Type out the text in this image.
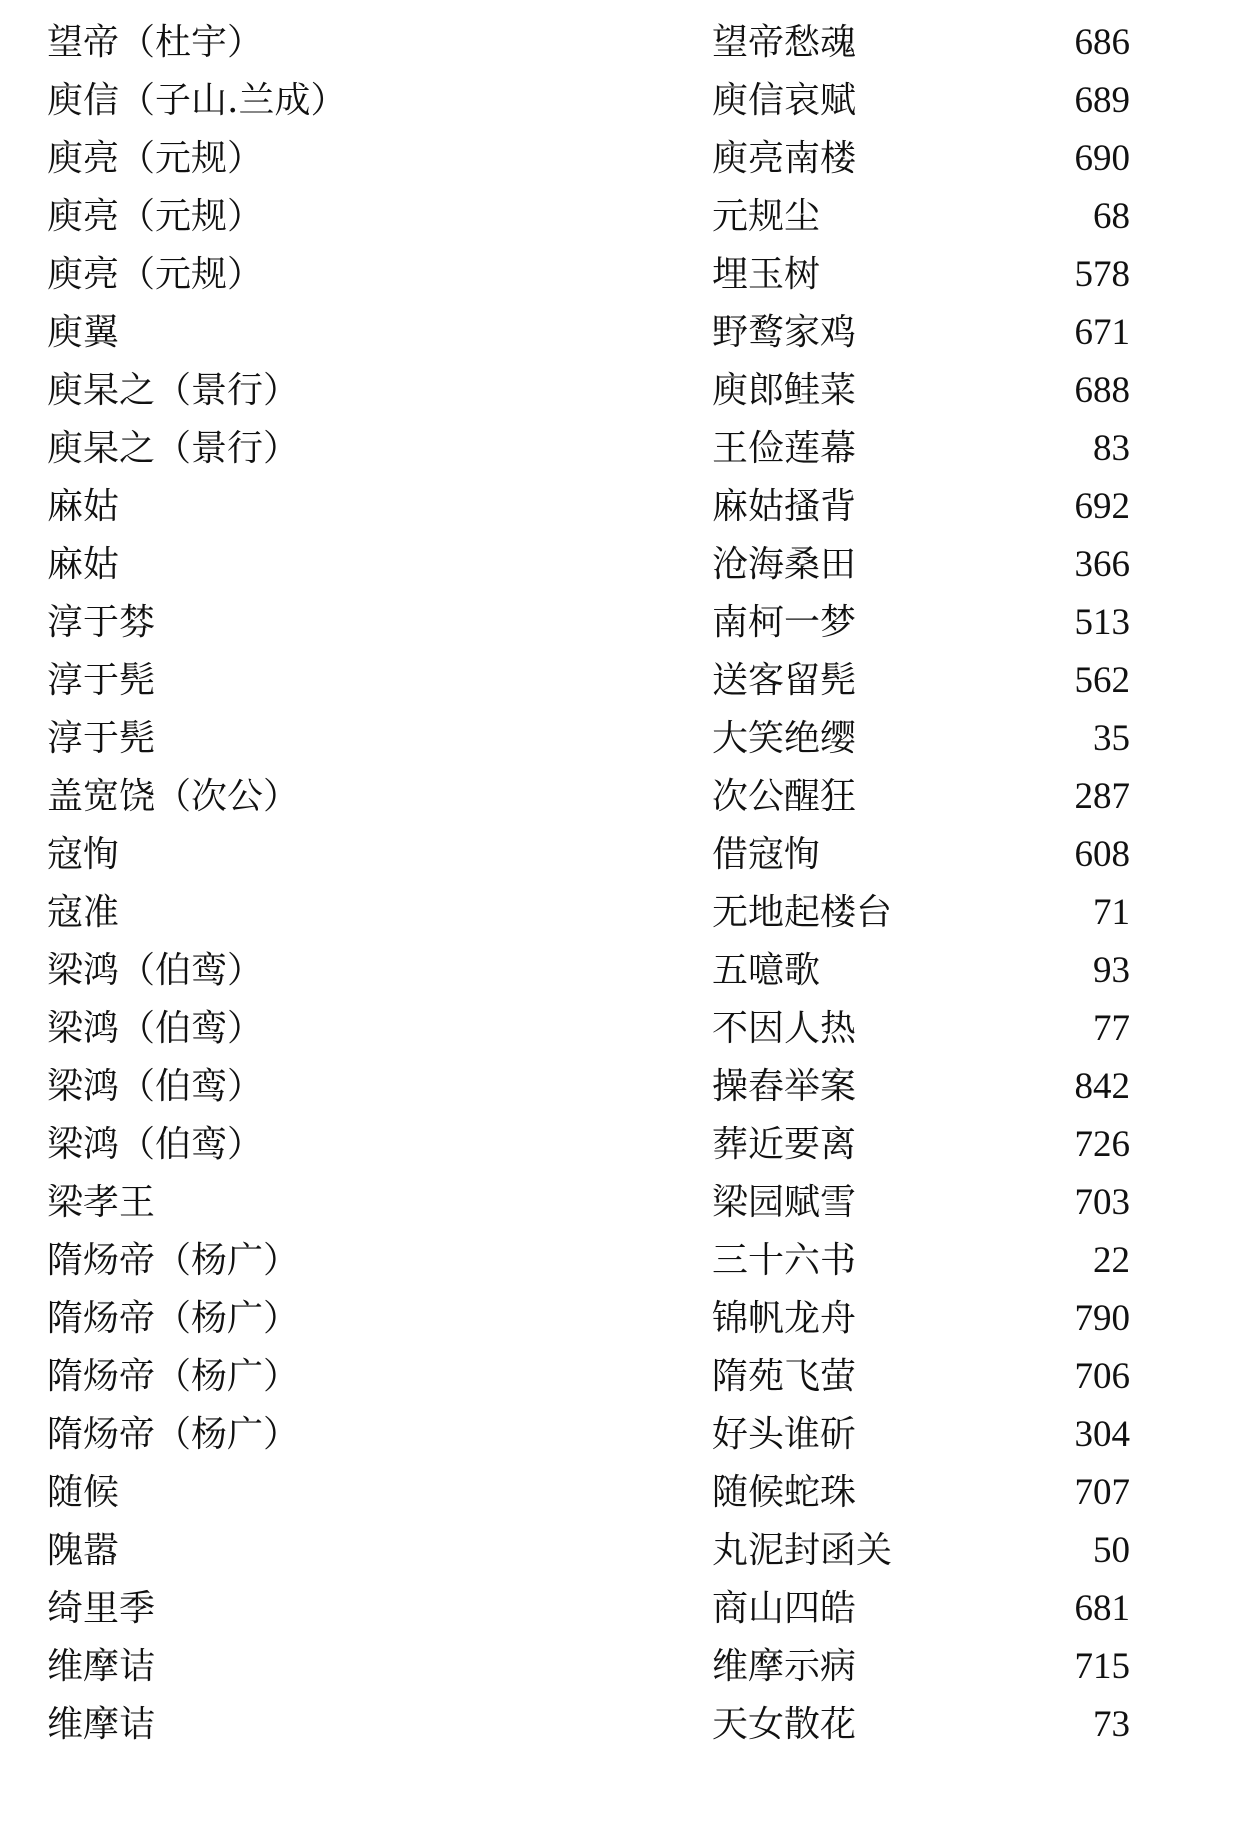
望帝（杜宇）	望帝愁魂	686
庾信（子山.兰成）	庾信哀赋	689
庾亮（元规）	庾亮南楼	690
庾亮（元规）	元规尘	68
庾亮（元规）	埋玉树	578
庾翼	野鹜家鸡	671
庾杲之（景行）	庾郎鲑菜	688
庾杲之（景行）	王俭莲幕	83
麻姑	麻姑搔背	692
麻姑	沧海桑田	366
淳于棼	南柯一梦	513
淳于髡	送客留髡	562
淳于髡	大笑绝缨	35
盖宽饶（次公）	次公醒狂	287
寇恂	借寇恂	608
寇准	无地起楼台	71
梁鸿（伯鸾）	五噫歌	93
梁鸿（伯鸾）	不因人热	77
梁鸿（伯鸾）	操舂举案	842
梁鸿（伯鸾）	葬近要离	726
梁孝王	梁园赋雪	703
隋炀帝（杨广）	三十六书	22
隋炀帝（杨广）	锦帆龙舟	790
隋炀帝（杨广）	隋苑飞萤	706
隋炀帝（杨广）	好头谁斫	304
随候	随候蛇珠	707
隗嚣	丸泥封函关	50
绮里季	商山四皓	681
维摩诘	维摩示病	715
维摩诘	天女散花	73
